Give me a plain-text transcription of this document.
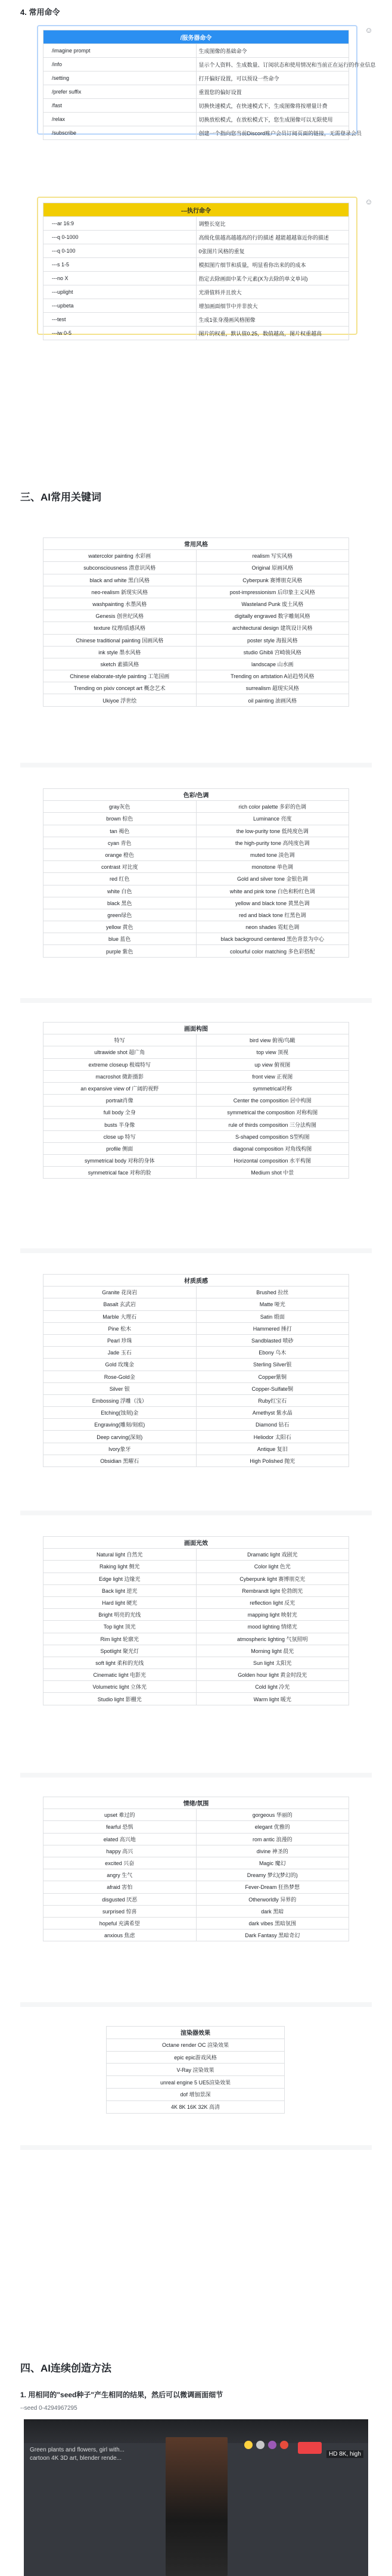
4. 常用命令
/服务器命令	
/imagine prompt	生成图像的基础命令
/info	显示个人资料、生成数量、订阅状态和使用情况和当前正在运行的作业信息
/setting	打开偏好设置，可以预设一些命令
/prefer suffix	重置您的偏好设置
/fast	切换快速模式，在快速模式下，生成图像将按增量计费
/relax	切换放松模式，在放松模式下，您生成图像可以无限使用
/subscribe	创建一个指向您当前Discord账户会员订阅页面的链接，无需登录会员
☺
---执行命令	
---ar 16:9	调整长宽比
---q 0-1000	高级化值越高越越高的行的描述 越能越越靠近你的描述
---q 0-100	0张图片风格的重复
---s 1-5	模拟图片细节和质量，明显看你出来的的成本
---no X	指定去除画面中某个元素(X为去除的单文单词)
---uplight	光滑值料并且放大
---upbeta	增加画面细节中并非放大
---test	生成1张身漫画风格图像
---iw 0-5	图片的权重，默认值0.25，数值越高，图片权重越高
☺
三、AI常用关键词
四、AI连续创造方法
1. 用相同的"seed种子"产生相同的结果，然后可以微调画面细节
--seed 0-4294967295
Green plants and flowers, girl with...
cartoon 4K 3D art, blender rende...
HD 8K, high
常用风格	
watercolor painting 水彩画	realism 写实风格
subconsciousness 潜意识风格	Original 原画风格
black and white 黑白风格	Cyberpunk 赛博朋克风格
neo-realism 新现实风格	post-impressionism 后印象主义风格
washpainting 水墨风格	Wasteland Punk 废土风格
Genesis 创世纪风格	digitally engraved 数字雕刻风格
texture 纹理/质感风格	architectural design 建筑设计风格
Chinese traditional painting 国画风格	poster style 海报风格
ink style 墨水风格	studio Ghibli 宫崎骏风格
sketch 素描风格	landscape 山水画
Chinese elaborate-style painting 工笔国画	Trending on artstation A站趋势风格
Trending on pixiv concept art 概念艺术	surrealism 超现实风格
Ukiyoe 浮世绘	oil painting 油画风格
色彩/色调	
gray灰色	rich color palette 多彩的色调
brown 棕色	Luminance 亮度
tan 褐色	the low-purity tone 低纯度色调
cyan 青色	the high-purity tone 高纯度色调
orange 橙色	muted tone 淡色调
contrast 对比度	monotone 单色调
red 红色	Gold and silver tone 金银色调
white 白色	white and pink tone 白色和粉红色调
black 黑色	yellow and black tone 黄黑色调
green绿色	red and black tone 红黑色调
yellow 黄色	neon shades 霓虹色调
blue 蓝色	black background centered 黑色背景为中心
purple 紫色	colourful color matching 多色彩搭配
画面构图	
特写	bird view 俯视/鸟瞰
ultrawide shot 超广角	top view 顶视
extreme closeup 极端特写	up view 俯视图
macroshot 微距摄影	front view 正视图
an expansive view of 广阔的视野	symmetrical对称
portrait肖像	Center the composition 居中构图
full body 全身	symmetrical the composition 对称构图
busts 半身像	rule of thirds composition 三分法构图
close up 特写	S-shaped composition S型构图
profile 侧面	diagonal composition 对角线构图
symmetrical body 对称的身体	Horizontal composition 水平构图
symmetrical face 对称的脸	Medium shot 中景
材质质感	
Granite 花岗岩	Brushed 拉丝
Basalt 玄武岩	Matte 哑光
Marble 大理石	Satin 缎面
Pine 松木	Hammered 捶打
Pearl 珍珠	Sandblasted 喷砂
Jade 玉石	Ebony 乌木
Gold 玫瑰金	Sterling Silver银
Rose-Gold金	Copper紫铜
Silver 银	Copper-Sulfate铜
Embossing 浮雕（浅）	Ruby红宝石
Etching(蚀刻)金	Amethyst 紫水晶
Engraving(雕刻/刻痕)	Diamond 钻石
Deep carving(深刻)	Heliodor 太阳石
Ivory象牙	Antique 复旧
Obsidian 黑曜石	High Polished 抛光
画面光效	
Natural light 自然光	Dramatic light 戏剧光
Raking light 侧光	Color light 色光
Edge light 边缘光	Cyberpunk light 赛博朋克光
Back light 逆光	Rembrandt light 伦勃朗光
Hard light 硬光	reflection light 反光
Bright 明亮的光线	mapping light 映射光
Top light 顶光	mood lighting 情绪光
Rim light 轮廓光	atmospheric lighting 气氛照明
Spotlight 聚光灯	Morning light 晨光
soft light 柔和的光线	Sun light 太阳光
Cinematic light 电影光	Golden hour light 黄金时段光
Volumetric light 立体光	Cold light 冷光
Studio light 影棚光	Warm light 暖光
情绪/氛围	
upset 难过的	gorgeous 华丽的
fearful 恐惧	elegant 优雅的
elated 高兴地	rom antic 浪漫的
happy 高兴	divine 神圣的
excited 兴奋	Magic 魔幻
angry 生气	Dreamy 梦幻(梦幻的)
afraid 害怕	Fever-Dream 狂热梦想
disgusted 厌恶	Otherworldly 异界的
surprised 惊喜	dark 黑暗
hopeful 充满希望	dark vibes 黑暗氛围
anxious 焦虑	Dark Fantasy 黑暗奇幻
渲染器效果
Octane render OC 渲染效果
epic epic游戏风格
V-Ray 渲染效果
unreal engine 5 UE5渲染效果
dof 增加景深
4K 8K 16K 32K 高清
